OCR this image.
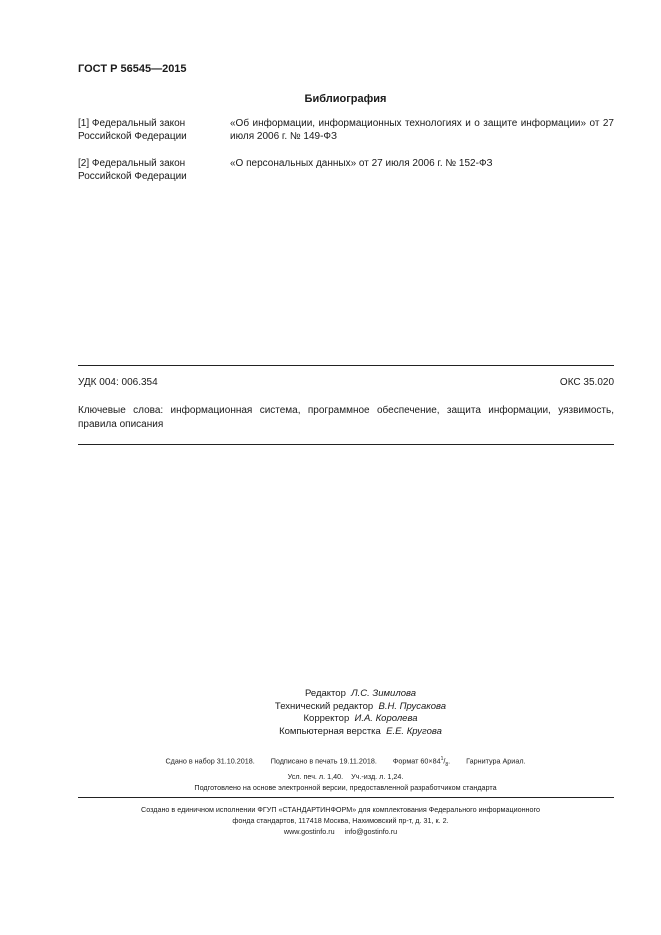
ГОСТ Р 56545—2015
Библиография
[1] Федеральный закон
Российской Федерации
«Об информации, информационных технологиях и о защите информации» от 27 июля 2006 г. № 149-ФЗ
[2] Федеральный закон
Российской Федерации
«О персональных данных» от 27 июля 2006 г. № 152-ФЗ
УДК 004: 006.354	ОКС 35.020
Ключевые слова: информационная система, программное обеспечение, защита информации, уязвимость, правила описания
Редактор Л.С. Зимилова
Технический редактор В.Н. Прусакова
Корректор И.А. Королева
Компьютерная верстка Е.Е. Кругова
Сдано в набор 31.10.2018. Подписано в печать 19.11.2018. Формат $60\times 84^1/_8$. Гарнитура Ариал.
Усл. печ. л. 1,40. Уч.-изд. л. 1,24.
Подготовлено на основе электронной версии, предоставленной разработчиком стандарта
Создано в единичном исполнении ФГУП «СТАНДАРТИНФОРМ» для комплектования Федерального информационного
фонда стандартов, 117418 Москва, Нахимовский пр-т, д. 31, к. 2.
www.gostinfo.ru info@gostinfo.ru
